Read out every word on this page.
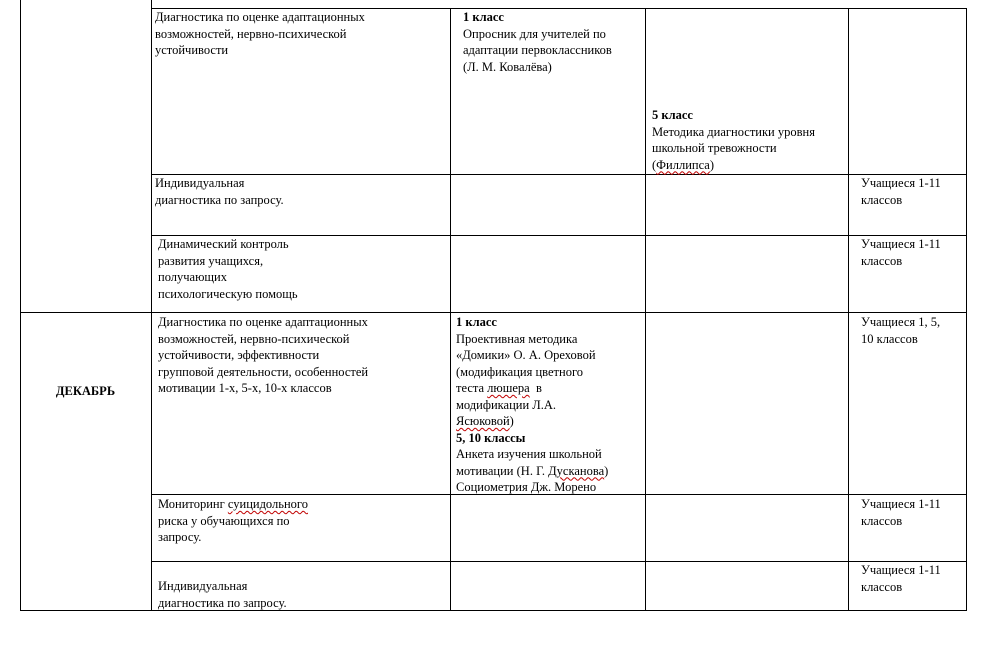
Диагностика по оценке адаптационных
возможностей, нервно-психической
устойчивости
1 класс
Опросник для учителей по
адаптации первоклассников
(Л. М. Ковалёва)
5 класс
Методика диагностики уровня
школьной тревожности
(Филлипса)
Индивидуальная
диагностика по запросу.
Учащиеся 1-11
классов
Динамический контроль
развития учащихся,
получающих
психологическую помощь
Учащиеся 1-11
классов
ДЕКАБРЬ
Диагностика по оценке адаптационных
возможностей, нервно-психической
устойчивости, эффективности
групповой деятельности, особенностей
мотивации 1-х, 5-х, 10-х классов
1 класс
Проективная методика
«Домики» О. А. Ореховой
(модификация цветного
теста люшера  в
модификации Л.А.
Ясюковой)
5, 10 классы
Анкета изучения школьной
мотивации (Н. Г. Дусканова)
Социометрия Дж. Морено
Учащиеся 1, 5,
10 классов
Мониторинг суицидольного
риска у обучающихся по
запросу.
Учащиеся 1-11
классов
Индивидуальная
диагностика по запросу.
Учащиеся 1-11
классов
